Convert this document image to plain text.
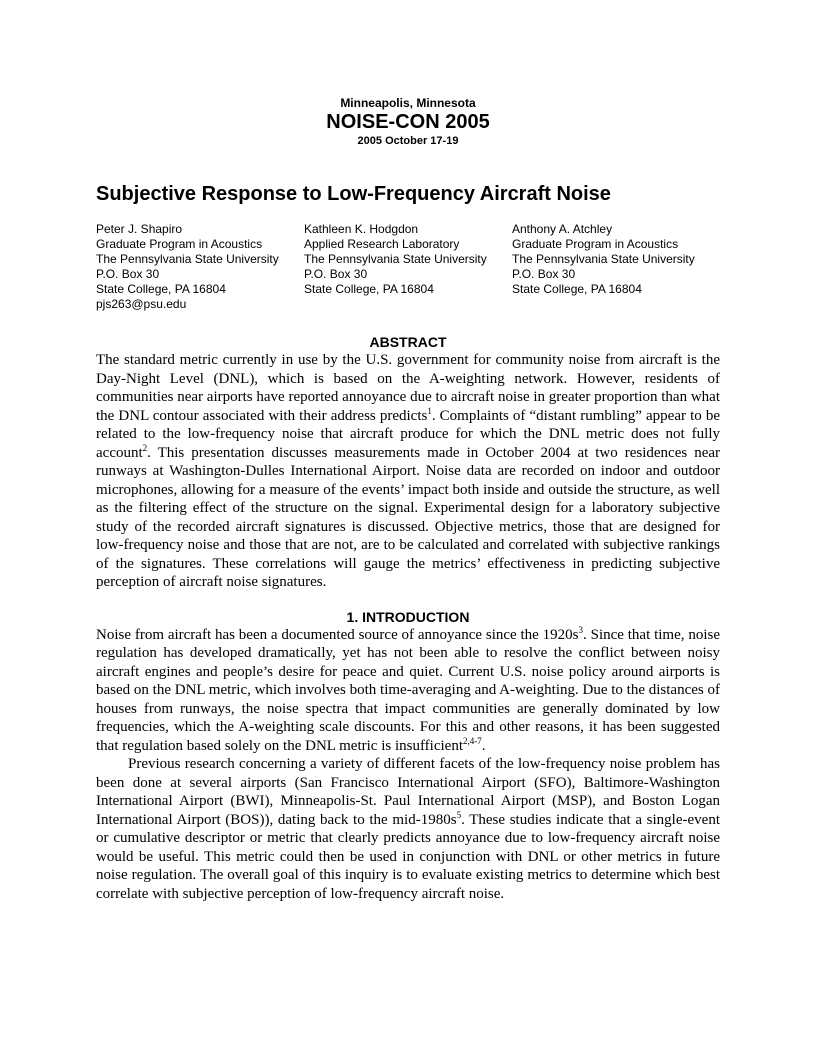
Minneapolis, Minnesota
NOISE-CON 2005
2005 October 17-19
Subjective Response to Low-Frequency Aircraft Noise
Peter J. Shapiro
Graduate Program in Acoustics
The Pennsylvania State University
P.O. Box 30
State College, PA 16804
pjs263@psu.edu
Kathleen K. Hodgdon
Applied Research Laboratory
The Pennsylvania State University
P.O. Box 30
State College, PA 16804
Anthony A. Atchley
Graduate Program in Acoustics
The Pennsylvania State University
P.O. Box 30
State College, PA 16804
ABSTRACT

The standard metric currently in use by the U.S. government for community noise from aircraft is the Day-Night Level (DNL), which is based on the A-weighting network. However, residents of communities near airports have reported annoyance due to aircraft noise in greater proportion than what the DNL contour associated with their address predicts$^1$. Complaints of “distant rumbling” appear to be related to the low-frequency noise that aircraft produce for which the DNL metric does not fully account$^2$. This presentation discusses measurements made in October 2004 at two residences near runways at Washington-Dulles International Airport. Noise data are recorded on indoor and outdoor microphones, allowing for a measure of the events’ impact both inside and outside the structure, as well as the filtering effect of the structure on the signal. Experimental design for a laboratory subjective study of the recorded aircraft signatures is discussed. Objective metrics, those that are designed for low-frequency noise and those that are not, are to be calculated and correlated with subjective rankings of the signatures. These correlations will gauge the metrics’ effectiveness in predicting subjective perception of aircraft noise signatures.

1. INTRODUCTION

Noise from aircraft has been a documented source of annoyance since the $1920s^3$. Since that time, noise regulation has developed dramatically, yet has not been able to resolve the conflict between noisy aircraft engines and people’s desire for peace and quiet. Current U.S. noise policy around airports is based on the DNL metric, which involves both time-averaging and A-weighting. Due to the distances of houses from runways, the noise spectra that impact communities are generally dominated by low frequencies, which the A-weighting scale discounts. For this and other reasons, it has been suggested that regulation based solely on the DNL metric is insufficient$^{2,4-7}$.

Previous research concerning a variety of different facets of the low-frequency noise problem has been done at several airports (San Francisco International Airport (SFO), Baltimore-Washington International Airport (BWI), Minneapolis-St. Paul International Airport (MSP), and Boston Logan International Airport (BOS)), dating back to the mid-$1980s^5$. These studies indicate that a single-event or cumulative descriptor or metric that clearly predicts annoyance due to low-frequency aircraft noise would be useful. This metric could then be used in conjunction with DNL or other metrics in future noise regulation. The overall goal of this inquiry is to evaluate existing metrics to determine which best correlate with subjective perception of low-frequency aircraft noise.
